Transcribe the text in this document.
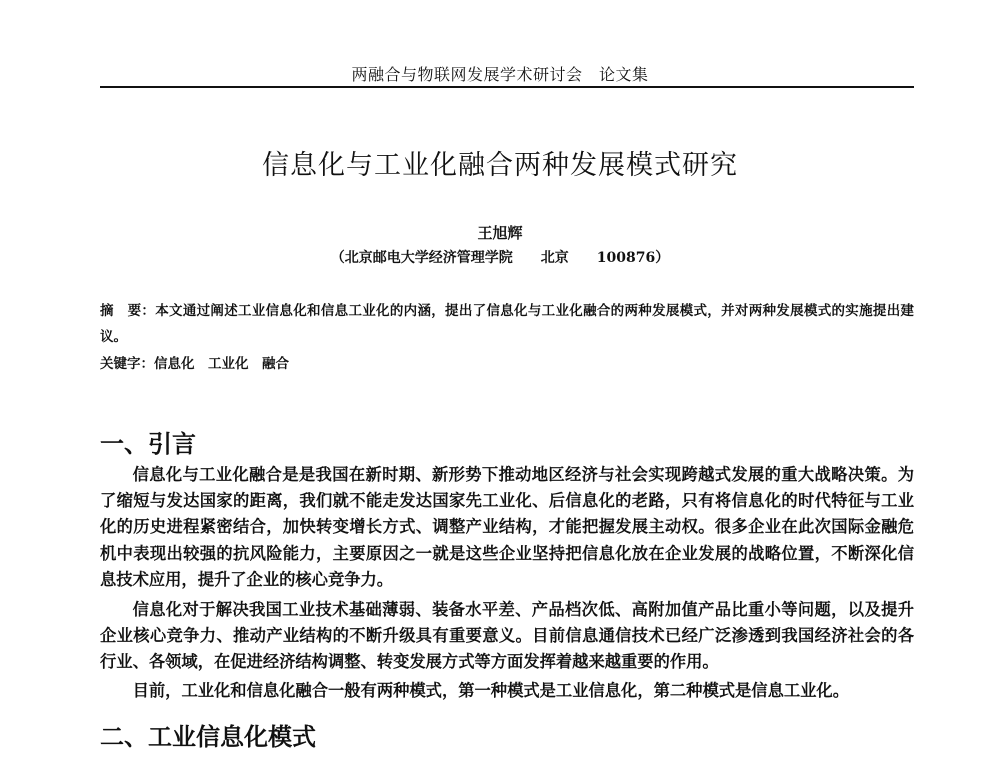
两融合与物联网发展学术研讨会　论文集
信息化与工业化融合两种发展模式研究
王旭辉
（北京邮电大学经济管理学院　　北京　　100876）
摘　要：本文通过阐述工业信息化和信息工业化的内涵，提出了信息化与工业化融合的两种发展模式，并对两种发展模式的实施提出建议。
关键字：信息化　工业化　融合
一、引言

信息化与工业化融合是是我国在新时期、新形势下推动地区经济与社会实现跨越式发展的重大战略决策。为了缩短与发达国家的距离，我们就不能走发达国家先工业化、后信息化的老路，只有将信息化的时代特征与工业化的历史进程紧密结合，加快转变增长方式、调整产业结构，才能把握发展主动权。很多企业在此次国际金融危机中表现出较强的抗风险能力，主要原因之一就是这些企业坚持把信息化放在企业发展的战略位置，不断深化信息技术应用，提升了企业的核心竞争力。

信息化对于解决我国工业技术基础薄弱、装备水平差、产品档次低、高附加值产品比重小等问题，以及提升企业核心竞争力、推动产业结构的不断升级具有重要意义。目前信息通信技术已经广泛渗透到我国经济社会的各行业、各领域，在促进经济结构调整、转变发展方式等方面发挥着越来越重要的作用。

目前，工业化和信息化融合一般有两种模式，第一种模式是工业信息化，第二种模式是信息工业化。

二、工业信息化模式
